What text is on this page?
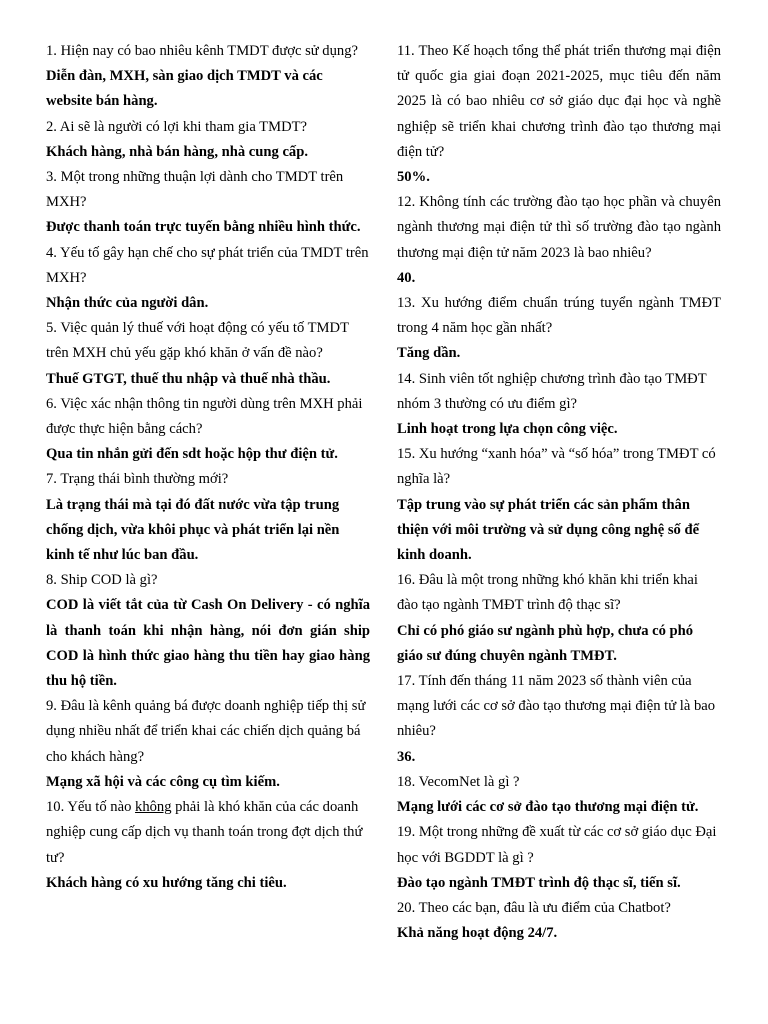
1. Hiện nay có bao nhiêu kênh TMDT được sử dụng?

Diễn đàn, MXH, sàn giao dịch TMDT và các website bán hàng.

2. Ai sẽ là người có lợi khi tham gia TMDT?

Khách hàng, nhà bán hàng, nhà cung cấp.

3. Một trong những thuận lợi dành cho TMDT trên MXH?

Được thanh toán trực tuyến bằng nhiều hình thức.

4. Yếu tố gây hạn chế cho sự phát triển của TMDT trên MXH?

Nhận thức của người dân.

5. Việc quản lý thuế với hoạt động có yếu tố TMDT trên MXH chủ yếu gặp khó khăn ở vấn đề nào?

Thuế GTGT, thuế thu nhập và thuế nhà thầu.

6. Việc xác nhận thông tin người dùng trên MXH phải được thực hiện bằng cách?

Qua tin nhắn gửi đến sdt hoặc hộp thư điện tử.

7. Trạng thái bình thường mới?

Là trạng thái mà tại đó đất nước vừa tập trung chống dịch, vừa khôi phục và phát triển lại nền kinh tế như lúc ban đầu.

8. Ship COD là gì?

COD là viết tắt của từ Cash On Delivery - có nghĩa là thanh toán khi nhận hàng, nói đơn gián ship COD là hình thức giao hàng thu tiền hay giao hàng thu hộ tiền.

9. Đâu là kênh quảng bá được doanh nghiệp tiếp thị sử dụng nhiều nhất để triển khai các chiến dịch quảng bá cho khách hàng?

Mạng xã hội và các công cụ tìm kiếm.

10. Yếu tố nào không phải là khó khăn của các doanh nghiệp cung cấp dịch vụ thanh toán trong đợt dịch thứ tư?

Khách hàng có xu hướng tăng chi tiêu.

11. Theo Kế hoạch tổng thể phát triển thương mại điện tử quốc gia giai đoạn 2021-2025, mục tiêu đến năm 2025 là có bao nhiêu cơ sở giáo dục đại học và nghề nghiệp sẽ triển khai chương trình đào tạo thương mại điện tử?

50%.

12. Không tính các trường đào tạo học phần và chuyên ngành thương mại điện tử thì số trường đào tạo ngành thương mại điện tử năm 2023 là bao nhiêu?

40.

13. Xu hướng điểm chuẩn trúng tuyển ngành TMĐT trong 4 năm học gần nhất?

Tăng dần.

14. Sinh viên tốt nghiệp chương trình đào tạo TMĐT nhóm 3 thường có ưu điểm gì?

Linh hoạt trong lựa chọn công việc.

15. Xu hướng “xanh hóa” và “số hóa” trong TMĐT có nghĩa là?

Tập trung vào sự phát triển các sản phẩm thân thiện với môi trường và sử dụng công nghệ số để kinh doanh.

16. Đâu là một trong những khó khăn khi triển khai đào tạo ngành TMĐT trình độ thạc sĩ?

Chỉ có phó giáo sư ngành phù hợp, chưa có phó giáo sư đúng chuyên ngành TMĐT.

17. Tính đến tháng 11 năm 2023 số thành viên của mạng lưới các cơ sở đào tạo thương mại điện tử là bao nhiêu?

36.

18. VecomNet là gì ?

Mạng lưới các cơ sở đào tạo thương mại điện tử.

19. Một trong những đề xuất từ các cơ sở giáo dục Đại học với BGDDT là gì ?

Đào tạo ngành TMĐT trình độ thạc sĩ, tiến sĩ.

20. Theo các bạn, đâu là ưu điểm của Chatbot?

Khả năng hoạt động 24/7.
